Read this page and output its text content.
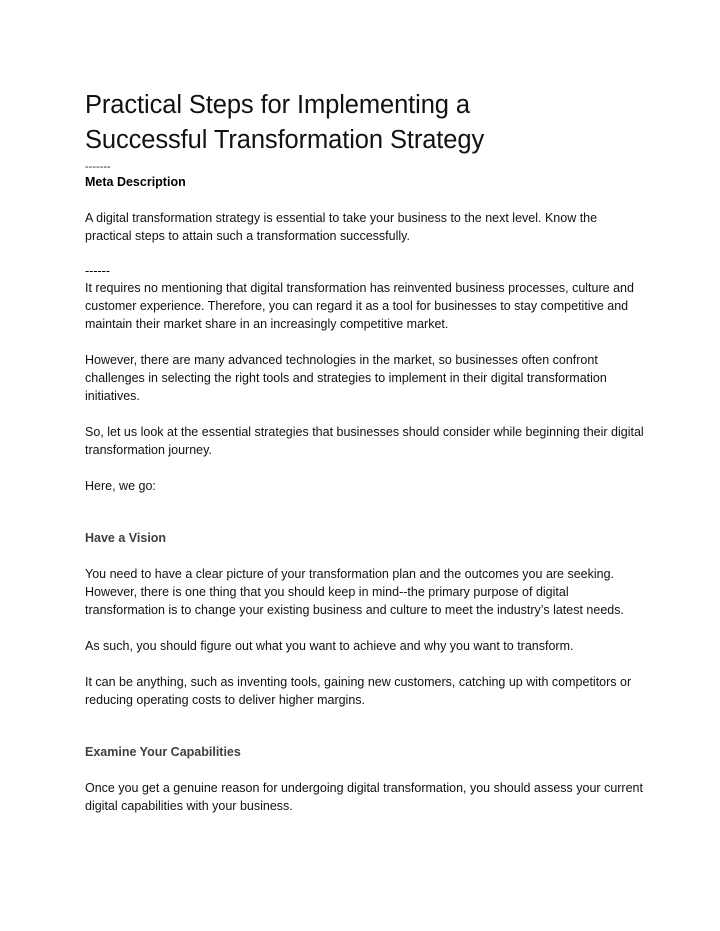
Practical Steps for Implementing a
Successful Transformation Strategy
-------
Meta Description

A digital transformation strategy is essential to take your business to the next level. Know the practical steps to attain such a transformation successfully.

------

It requires no mentioning that digital transformation has reinvented business processes, culture and customer experience. Therefore, you can regard it as a tool for businesses to stay competitive and maintain their market share in an increasingly competitive market.

However, there are many advanced technologies in the market, so businesses often confront challenges in selecting the right tools and strategies to implement in their digital transformation initiatives.

So, let us look at the essential strategies that businesses should consider while beginning their digital transformation journey.

Here, we go:

Have a Vision

You need to have a clear picture of your transformation plan and the outcomes you are seeking. However, there is one thing that you should keep in mind--the primary purpose of digital transformation is to change your existing business and culture to meet the industry’s latest needs.

As such, you should figure out what you want to achieve and why you want to transform.

It can be anything, such as inventing tools, gaining new customers, catching up with competitors or reducing operating costs to deliver higher margins.

Examine Your Capabilities

Once you get a genuine reason for undergoing digital transformation, you should assess your current digital capabilities with your business.
